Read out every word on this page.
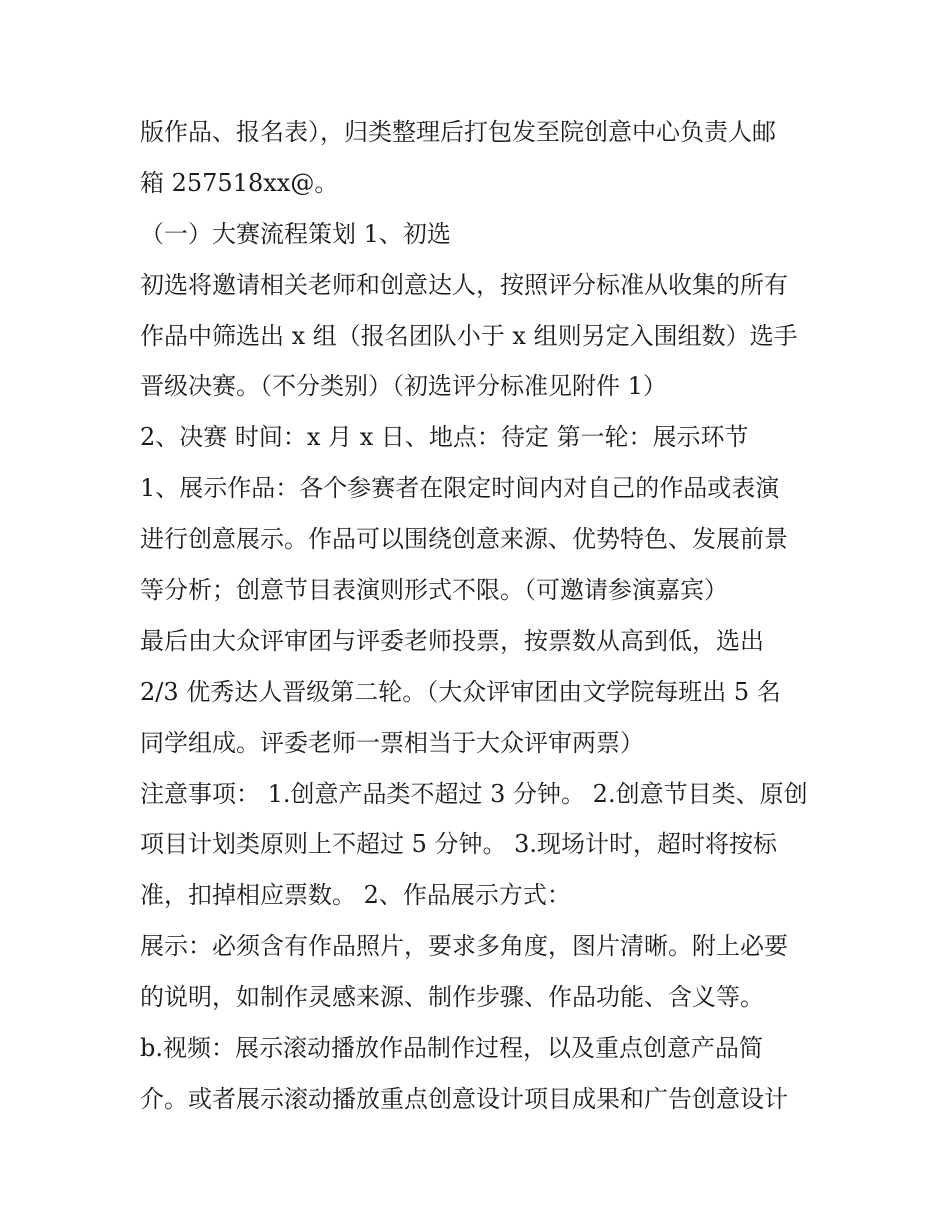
版作品、报名表），归类整理后打包发至院创意中心负责人邮
箱 257518xx@。
（一）大赛流程策划 1、初选
初选将邀请相关老师和创意达人，按照评分标准从收集的所有
作品中筛选出 x 组（报名团队小于 x 组则另定入围组数）选手
晋级决赛。（不分类别）（初选评分标准见附件 1）
2、决赛 时间：x 月 x 日、地点：待定 第一轮：展示环节
1、展示作品：各个参赛者在限定时间内对自己的作品或表演
进行创意展示。作品可以围绕创意来源、优势特色、发展前景
等分析；创意节目表演则形式不限。（可邀请参演嘉宾）
最后由大众评审团与评委老师投票，按票数从高到低，选出
2/3 优秀达人晋级第二轮。（大众评审团由文学院每班出 5 名
同学组成。评委老师一票相当于大众评审两票）
注意事项： 1.创意产品类不超过 3 分钟。 2.创意节目类、原创
项目计划类原则上不超过 5 分钟。 3.现场计时，超时将按标
准，扣掉相应票数。 2、作品展示方式：
展示：必须含有作品照片，要求多角度，图片清晰。附上必要
的说明，如制作灵感来源、制作步骤、作品功能、含义等。
b.视频：展示滚动播放作品制作过程，以及重点创意产品简
介。或者展示滚动播放重点创意设计项目成果和广告创意设计
